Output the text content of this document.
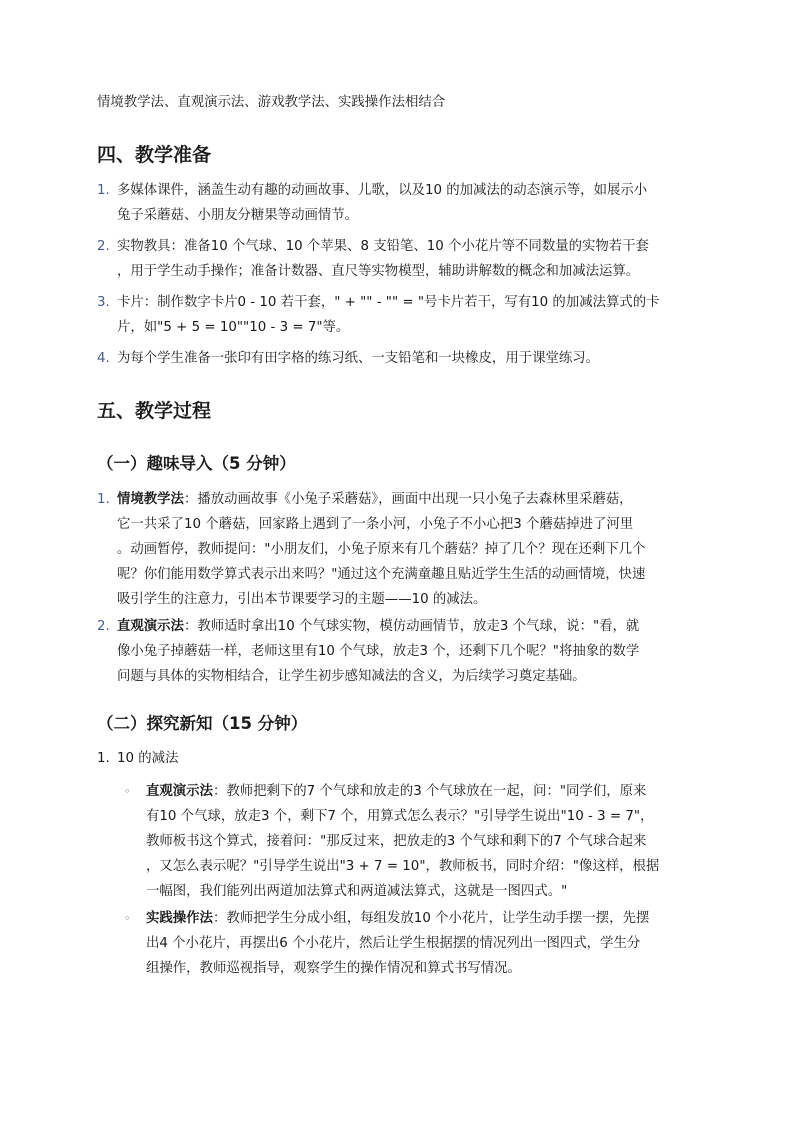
情境教学法、直观演示法、游戏教学法、实践操作法相结合

四、教学准备
1. 多媒体课件，涵盖生动有趣的动画故事、儿歌，以及10 的加减法的动态演示等，如展示小
兔子采蘑菇、小朋友分糖果等动画情节。
2. 实物教具：准备10 个气球、10 个苹果、8 支铅笔、10 个小花片等不同数量的实物若干套
，用于学生动手操作；准备计数器、直尺等实物模型，辅助讲解数的概念和加减法运算。
3. 卡片：制作数字卡片0 - 10 若干套，" + "" - "" = "号卡片若干，写有10 的加减法算式的卡
片，如"5 + 5 = 10""10 - 3 = 7"等。
4. 为每个学生准备一张印有田字格的练习纸、一支铅笔和一块橡皮，用于课堂练习。
五、教学过程
（一）趣味导入（5 分钟）
1. 情境教学法：播放动画故事《小兔子采蘑菇》，画面中出现一只小兔子去森林里采蘑菇，
它一共采了10 个蘑菇，回家路上遇到了一条小河，小兔子不小心把3 个蘑菇掉进了河里
。动画暂停，教师提问："小朋友们，小兔子原来有几个蘑菇？掉了几个？现在还剩下几个
呢？你们能用数学算式表示出来吗？"通过这个充满童趣且贴近学生生活的动画情境，快速
吸引学生的注意力，引出本节课要学习的主题——10 的减法。
2. 直观演示法：教师适时拿出10 个气球实物，模仿动画情节，放走3 个气球，说："看，就
像小兔子掉蘑菇一样，老师这里有10 个气球，放走3 个，还剩下几个呢？"将抽象的数学
问题与具体的实物相结合，让学生初步感知减法的含义，为后续学习奠定基础。
（二）探究新知（15 分钟）
1. 10 的减法
◦ 直观演示法：教师把剩下的7 个气球和放走的3 个气球放在一起，问："同学们，原来
有10 个气球，放走3 个，剩下7 个，用算式怎么表示？"引导学生说出"10 - 3 = 7"，
教师板书这个算式，接着问："那反过来，把放走的3 个气球和剩下的7 个气球合起来
，又怎么表示呢？"引导学生说出"3 + 7 = 10"，教师板书，同时介绍："像这样，根据
一幅图，我们能列出两道加法算式和两道减法算式，这就是一图四式。"
◦ 实践操作法：教师把学生分成小组，每组发放10 个小花片，让学生动手摆一摆，先摆
出4 个小花片，再摆出6 个小花片，然后让学生根据摆的情况列出一图四式，学生分
组操作，教师巡视指导，观察学生的操作情况和算式书写情况。
